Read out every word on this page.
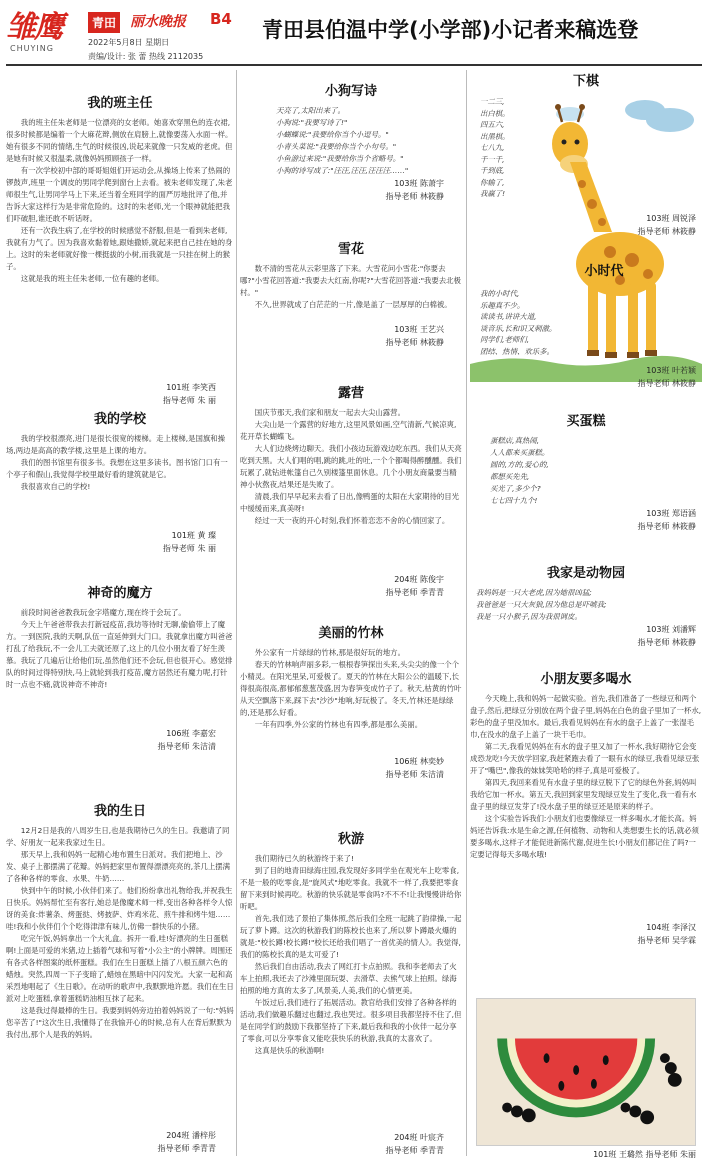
雏鹰
CHUYING
青田 丽水晚报 B4
2022年5月8日 星期日
责编/设计: 张 蕾 热线 2112035
青田县伯温中学(小学部)小记者来稿选登
我的班主任

我的班主任朱老师是一位漂亮的女老师。她喜欢穿黑色的连衣裙,很多时候都是编着一个大麻花辫,侧放在肩膀上,就像要荡入水面一样。她有很多不同的情绪,生气的时候很凶,说起来就像一只发威的老虎。但是她有时候又很温柔,就像妈妈照顾孩子一样。

有一次学校初中部的哥哥姐姐们开运动会,从操场上传来了热闹的锣鼓声,班里一个调皮的男同学爬到窗台上去看。被朱老师发现了,朱老师很生气,让男同学马上下来,还当着全班同学的面严厉地批评了他,并告诉大家这样行为是非常危险的。这时的朱老师,光一个眼神就能把我们吓破胆,谁还敢不听话呀。

还有一次我生病了,在学校的时候感觉不舒服,但是一看到朱老师,我就有力气了。因为我喜欢黏着她,跟她撒娇,就起来把自己挂在她的身上。这时的朱老师就好像一棵挺拔的小树,而我就是一只挂在树上的猴子。

这就是我的班主任朱老师,一位有趣的老师。

101班 李笑西
指导老师 朱 丽
我的学校

我的学校很漂亮,进门是很长很宽的楼梯。走上楼梯,是国旗和操场,两边是高高的教学楼,这里是上课的地方。

我们的图书馆里有很多书。我想在这里多读书。图书馆门口有一个亭子和假山,我觉得学校里最好看的建筑就是它。

我很喜欢自己的学校!

101班 黄 璨
指导老师 朱 丽
神奇的魔方

前段时间爸爸教我玩金字塔魔方,现在终于会玩了。

今天上午爸爸带我去打新冠疫苗,我坊等待时无聊,偷偷带上了魔方。一到医院,我的天啊,队伍一直延伸到大门口。我就拿出魔方叫爸爸打乱了给我玩,不一会儿工夫就还原了,这上的几位小朋友看了好生羡慕。我玩了几遍后让给他们玩,虽然他们还不会玩,但也很开心。感觉排队的时间过得特别快,马上就轮到我打疫苗,魔方居然还有魔力呢,打针时一点也不痛,就说神奇不神奇!

106班 李嘉宏
指导老师 朱洁清
我的生日

12月2日是我的八周岁生日,也是我期待已久的生日。我邀请了同学、好朋友一起来我家过生日。

那天早上,我和妈妈一起精心地布置生日派对。我们把地上、沙发、桌子上都摆满了花瓣。妈妈把家里布置得漂漂亮亮的,茶几上摆满了各种各样的零食、水果、牛奶……

快到中午的时候,小伙伴们来了。他们纷纷拿出礼物给我,并祝我生日快乐。妈妈帮忙至有客行,她总是像魔术师一样,变出各种各样令人惊讶的美食:炸薯条、烤蛋挞、烤披萨、炸鸡米花、煎牛排和烤牛翅……哇!我和小伙伴们个个吃得津津有味儿,仿佛一群快乐的小猪。

吃完午饭,妈妈拿出一个大礼盒。拆开一看,哇!好漂亮的生日蛋糕啊!上面是可爱的米猪,边上插着气球和写着"小公主"的小牌牌。周围还有各式各样图案的纸杯蛋糕。我们在生日蛋糕上插了八根五颜六色的蜡烛。突然,四周一下子变暗了,蜡烛在黑暗中闪闪发光。大家一起和高采烈地唱起了《生日歌》。在动听的歌声中,我默默地许愿。我们在生日派对上吃蛋糕,拿着蛋糕奶油相互抹了起来。

这是我过得最棒的生日。我要到妈妈旁边拍着妈妈说了一句:"妈妈您辛苦了!"这次生日,我懂得了在我愉开心的时候,总有人在背后默默为我付出,那个人是我的妈妈。

204班 潘梓彤
指导老师 季青青
小狗写诗
天亮了,太阳出来了。
小狗说:"我要写诗了!"
小蝴蝶说:"我要给你当个小逗号。"
小青头菜说:"我要给你当个小句号。"
小鱼游过来说:"我要给你当个省略号。"
小狗的诗写成了:"汪汪,汪汪,汪汪汪……"
103班 陈萧宇
指导老师 林筱静
雪花

数不清的雪花从云彩里落了下来。大雪花问小雪花:"你要去哪?"小雪花回答道:"我要去大红南,你呢?"大雪花回答道:"我要去北极村。"

不久,世界就成了白茫茫的一片,像是盖了一层厚厚的白棉被。

103班 王艺兴
指导老师 林筱静
露营

国庆节那天,我们家和朋友一起去大尖山露营。

大尖山是一个露营的好地方,这里风景如画,空气清新,气候凉爽,花开草长蝴蝶飞。

大人们边烧烤边聊天。我们小孩边玩游戏边吃东西。我们从天亮吃到天黑。大人们唱的唱,跳的跳,吐的吐,一个个都喝得醉醺醺。我们玩累了,就钻进帐篷自己久别楼篷里面休息。几个小朋友商量要当精神小伙熬夜,结果还是失败了。

清晨,我们早早起来去看了日出,像鸭蛋的太阳在大家期待的目光中缓缓而来,真美呀!

经过一天一夜的开心时刻,我们怀着恋恋不舍的心情回家了。

204班 陈俊宇
指导老师 季青青
美丽的竹林

外公家有一片绿绿的竹林,那是很好玩的地方。

春天的竹林响声丽多彩,一根根春笋探出头来,头尖尖的像一个个小精灵。在阳光里呆,可爱极了。夏天的竹林在大阳公公的温暖下,长得很高很高,都郁郁葱葱茂盛,因为春笋变成竹子了。秋天,枯黄的竹叶从天空飘落下来,踩下去"沙沙"地响,好玩极了。冬天,竹林还是绿绿的,还是那么好看。

一年有四季,外公家的竹林也有四季,都是那么美丽。

106班 林奕妙
指导老师 朱洁清
秋游

我们期待已久的秋游终于来了!

到了目的地青田绿海庄园,我发现好多同学坐在观光车上吃零食,不是一般的吃零食,是"旋风式"地吃零食。我就不一样了,我要把零食留下来到时候再吃。秋游的快乐就是零食吗?不不不!让我慢慢讲给你听吧。

首先,我们选了景拍了集体照,然后我们全班一起跳了韵律操,一起玩了萝卜蹲。这次的秋游我们的陈校长也来了,所以萝卜蹲最火爆的就是:"校长蹲!校长蹲!"校长还给我们唱了一首优美的情人》。我觉得,我们的陈校长真的是太可爱了!

然后我们自由活动,我去了网红打卡点拍照。我和李老师去了火车上拍照,我还去了沙滩里面玩耍、去滑草、去熊气球上拍照。绿海拍照的地方真的太多了,风景美,人美,我们的心情更美。

午饭过后,我们进行了拓展活动。教官给我们安排了各种各样的活动,我们做趣乐翻过也翻过,我也哭过。很多项目我都坚持不住了,但是在同学们的鼓励下我都坚持了下来,最后我和我的小伙伴一起分享了零食,可以分享零食又能吃获快乐的秋游,我真的太喜欢了。

这真是快乐的秋游啊!

204班 叶宸齐
指导老师 季青青
下棋
一二三,
出白棋。
四五六,
出黑棋。
七八九,
千一千,
千到底,
你输了,
我赢了!
103班 周锐泽
指导老师 林筱静
小时代
我的小时代,
乐趣真不少。
读读书,讲讲大道,
谈音乐,长和识又刺激。
同学们,老师们,
团结、热情、欢乐多。
103班 叶若颖
指导老师 林筱静
买蛋糕
蛋糕店,真热闹,
人人都来买蛋糕。
圆的,方的,爱心的,
都想买先先,
买光了,多少个?
七七四十九个!
103班 郑语涵
指导老师 林筱静
我家是动物园
我妈妈是一只大老虎,因为她很凶猛;
我爸爸是一只大灰狼,因为他总是吓唬我;
我是一只小猴子,因为我很调皮。
103班 刘潘辉
指导老师 林筱静
小朋友要多喝水

今天晚上,我和妈妈一起做实验。首先,我们准备了一些绿豆和两个盘子,然后,把绿豆分别放在两个盘子里,妈妈在白色的盘子里加了一杯水,彩色的盘子里没加水。最后,我看见妈妈在有水的盘子上盖了一张湿毛巾,在没水的盘子上盖了一块干毛巾。

第二天,我看见妈妈在有水的盘子里又加了一杯水,我好期待它会变成恐龙吃!今天放学回家,我赶紧跑去看了一眼有水的绿豆,我看见绿豆张开了"嘴巴",像我的妹妹笑哈哈的样子,真是可爱极了。

第四天,我回来看见有水盘子里的绿豆脱下了它的绿色外套,妈妈叫我给它加一杯水。第五天,我回到家里发现绿豆发生了变化,我一看有水盘子里的绿豆发芽了!没水盘子里的绿豆还是原来的样子。

这个实验告诉我们:小朋友们也要像绿豆一样多喝水,才能长高。妈妈还告诉我:水是生命之源,任何植物、动物和人类想要生长的话,就必须要多喝水,这样子才能促进新陈代谢,促进生长!小朋友们都记住了吗?一定要记得每天多喝水哦!

104班 李泽汉
指导老师 吴学霖
101班 王璐然 指导老师 朱丽
